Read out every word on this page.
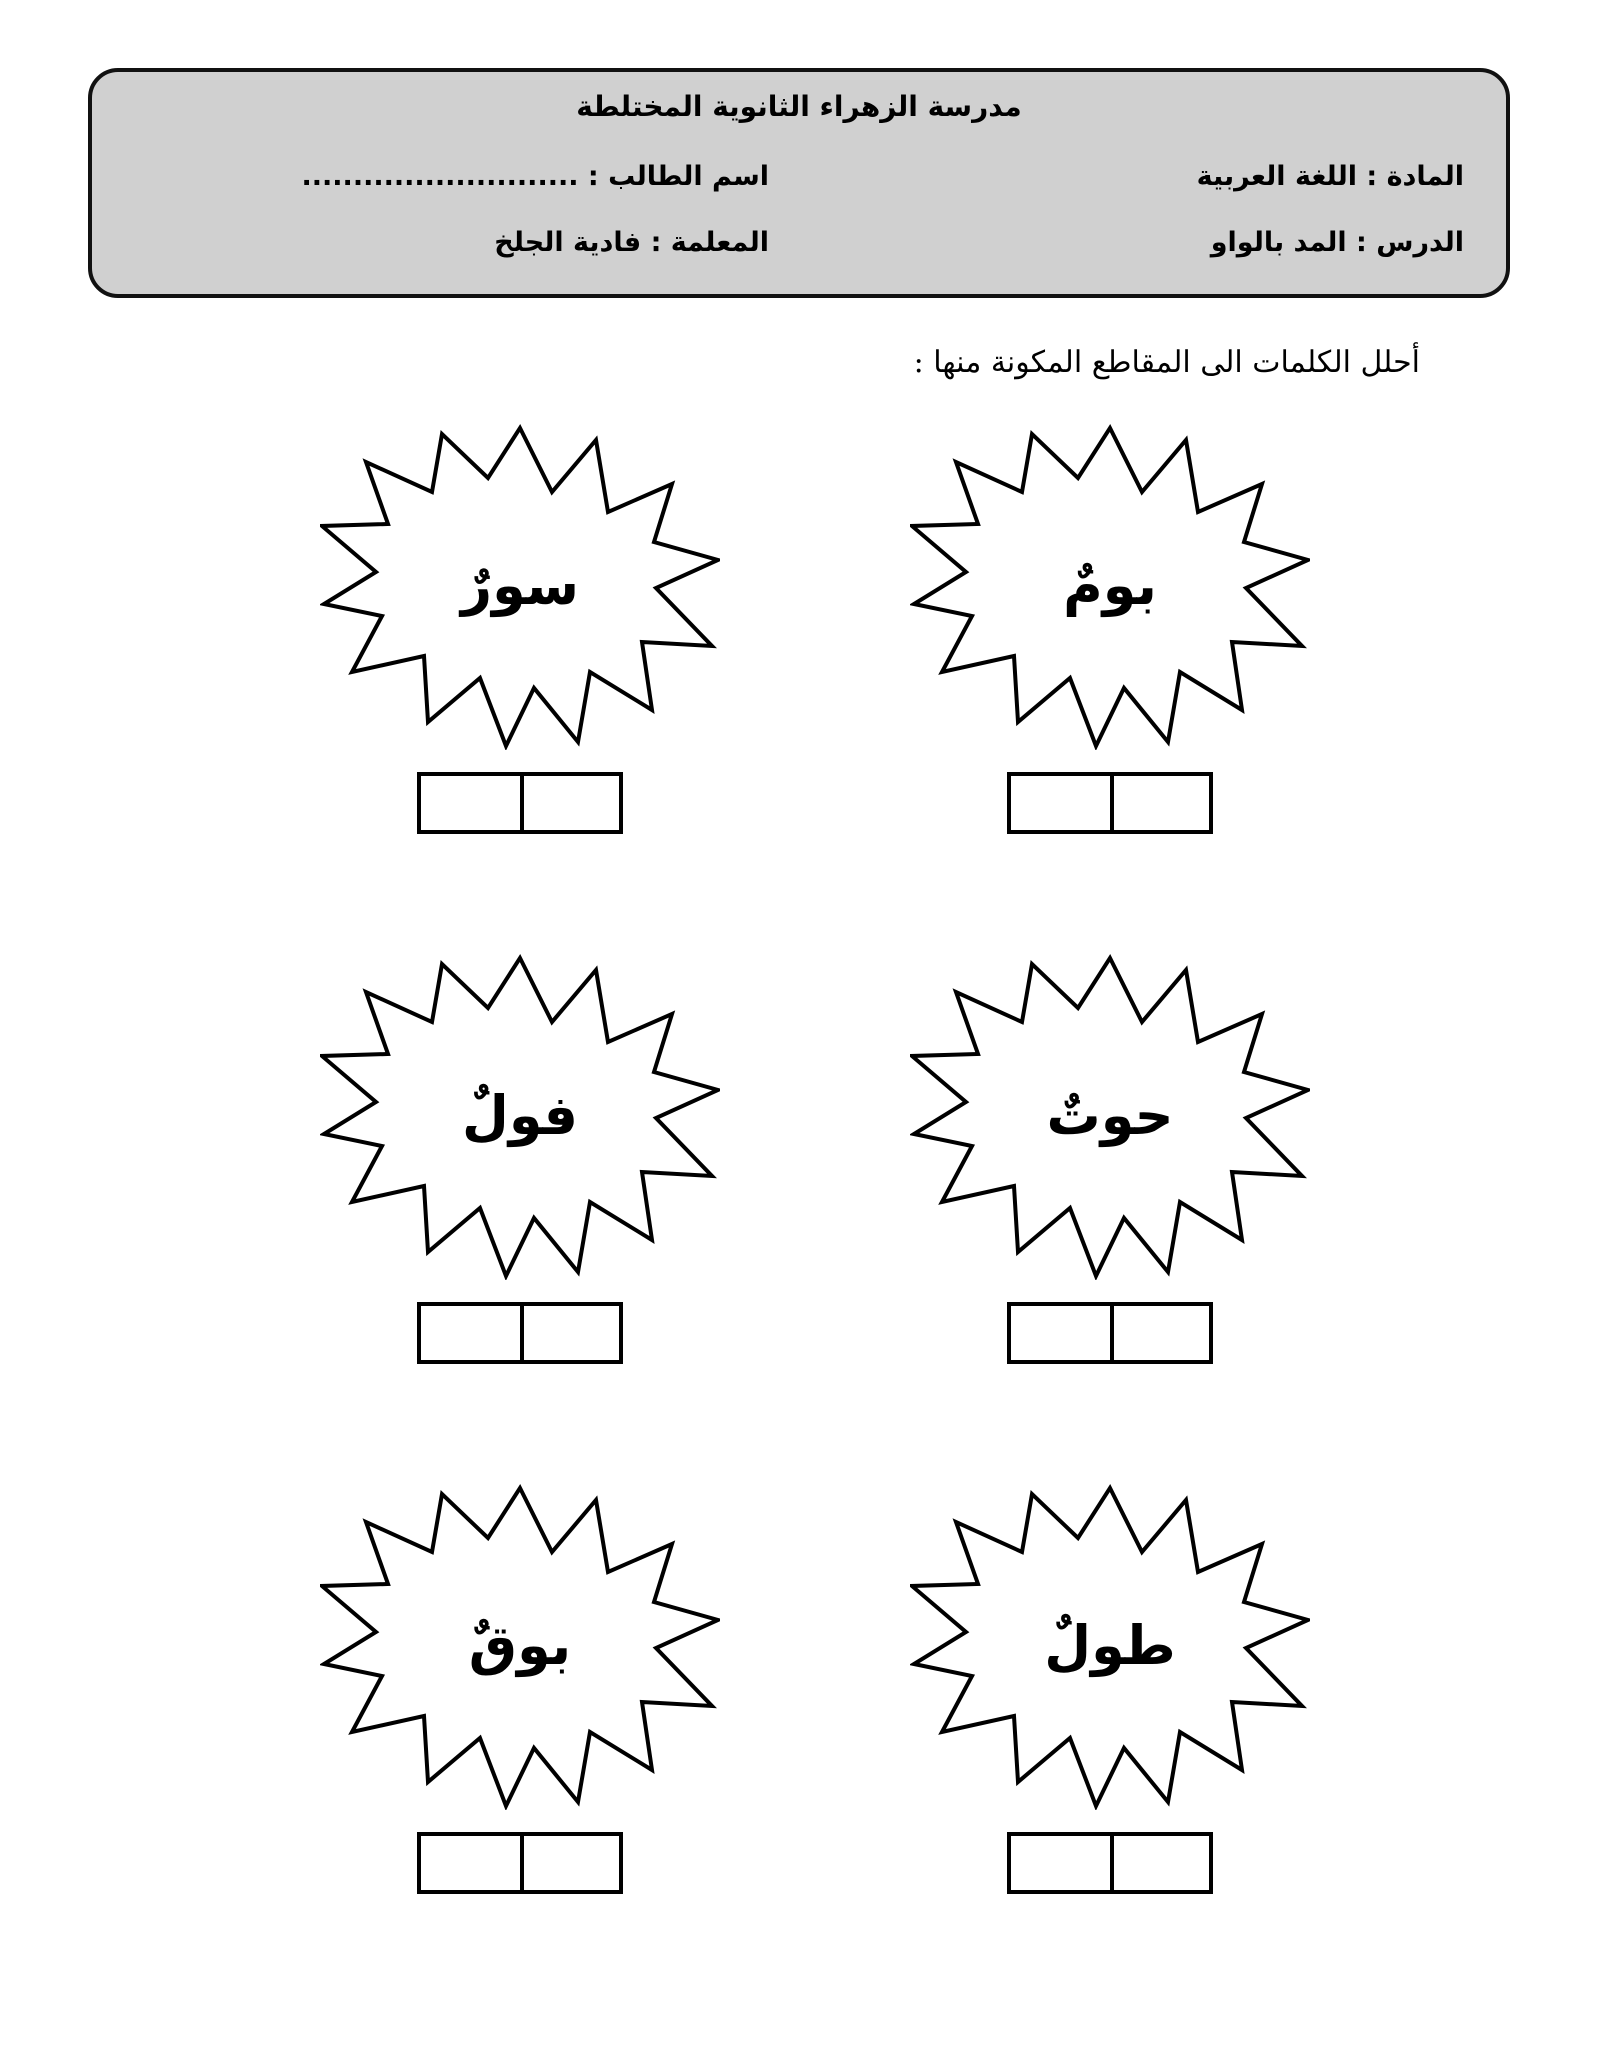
مدرسة الزهراء الثانوية المختلطة
المادة : اللغة العربية
اسم الطالب : ...........................
الدرس : المد بالواو
المعلمة : فادية الجلخ
أحلل الكلمات الى المقاطع المكونة منها :
بومٌ
سورٌ
حوتٌ
فولٌ
طولٌ
بوقٌ
